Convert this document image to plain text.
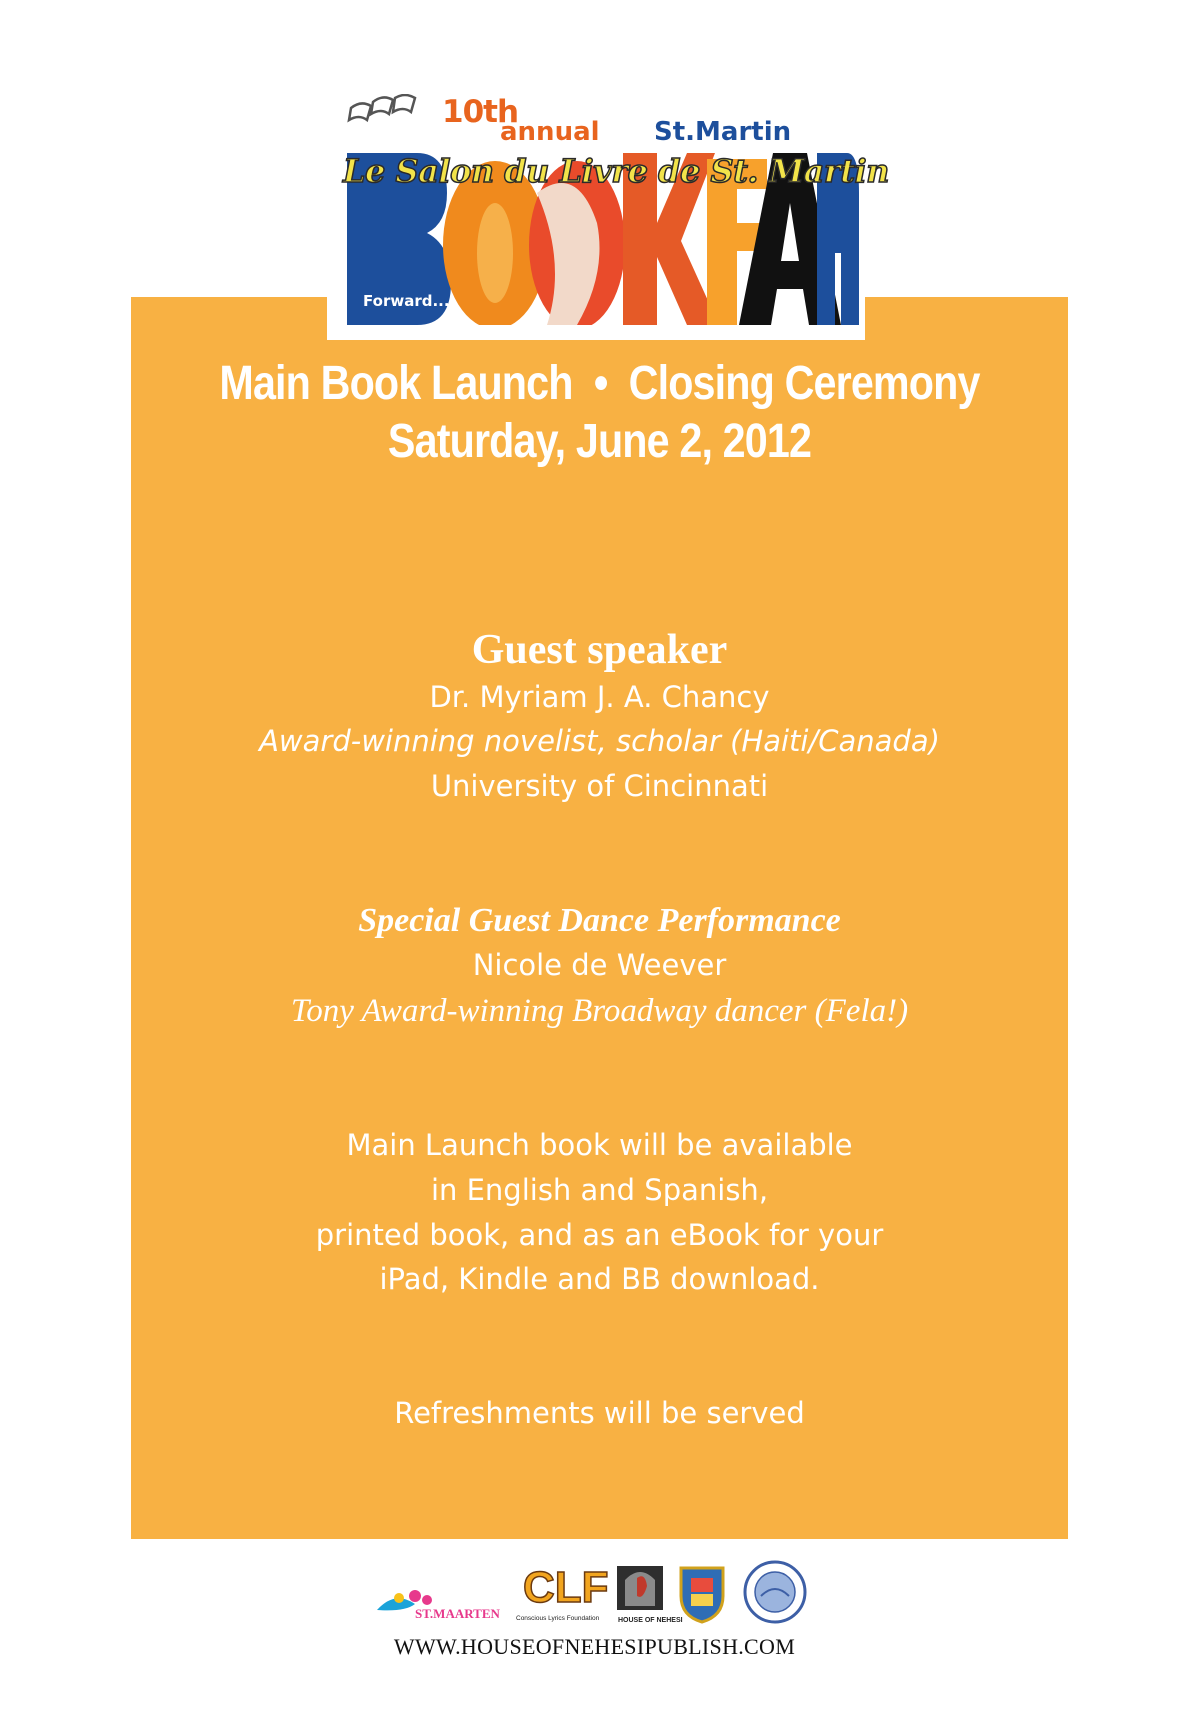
10th
annual St.Martin
Le Salon du Livre de St. Martin
Forward...
Main Book Launch  •  Closing Ceremony
Saturday, June 2, 2012
Guest speaker
Dr. Myriam J. A. Chancy
Award-winning novelist, scholar (Haiti/Canada)
University of Cincinnati
Special Guest Dance Performance
Nicole de Weever
Tony Award-winning Broadway dancer (Fela!)
Main Launch book will be available
in English and Spanish,
printed book, and as an eBook for your
iPad, Kindle and BB download.
Refreshments will be served
ST.MAARTEN
CLF
Conscious Lyrics Foundation	HOUSE OF NEHESI
WWW.HOUSEOFNEHESIPUBLISH.COM
